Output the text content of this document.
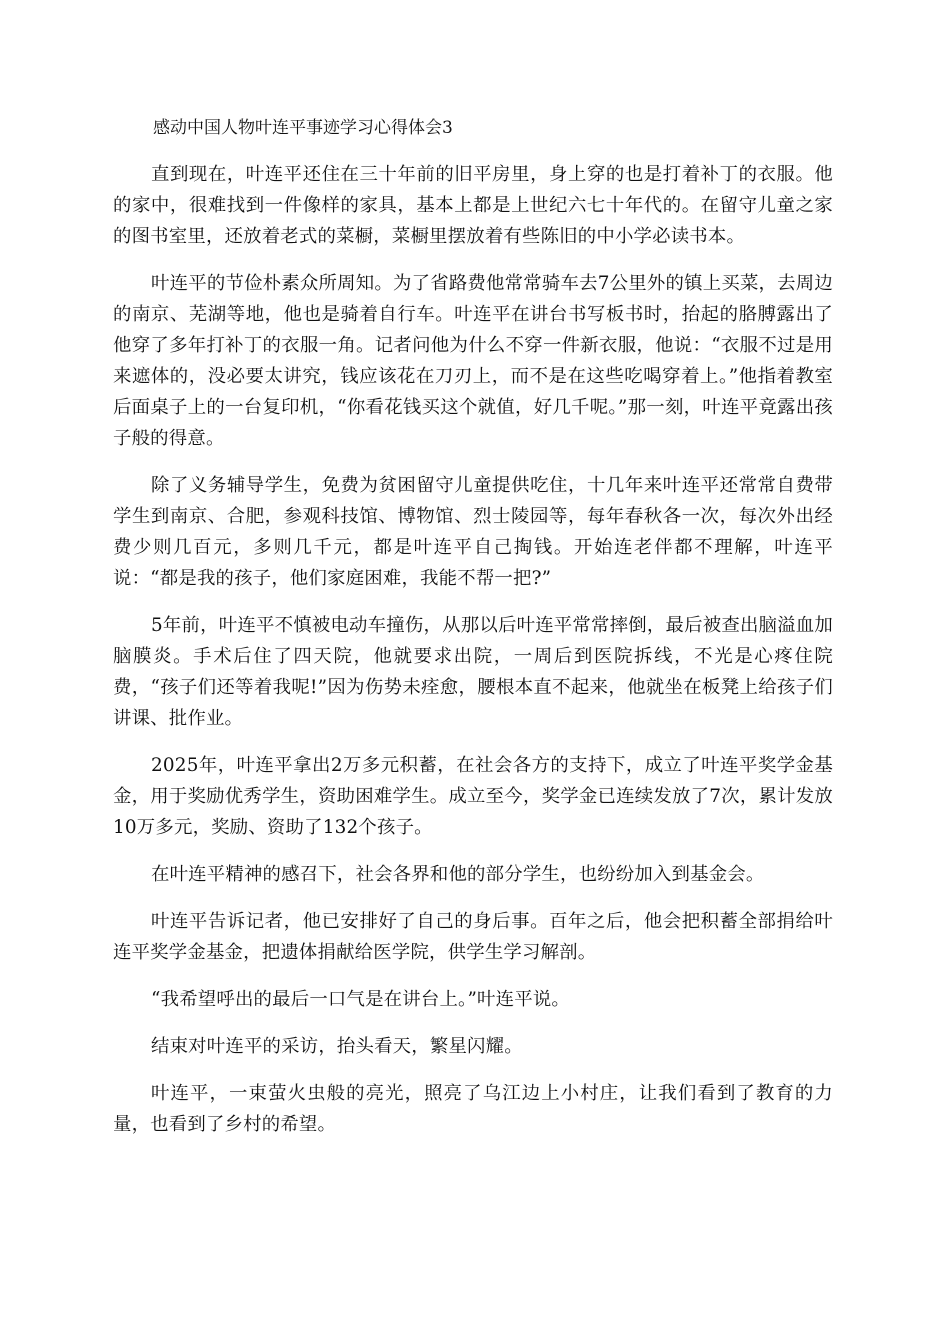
感动中国人物叶连平事迹学习心得体会3

直到现在，叶连平还住在三十年前的旧平房里，身上穿的也是打着补丁的衣服。他的家中，很难找到一件像样的家具，基本上都是上世纪六七十年代的。在留守儿童之家的图书室里，还放着老式的菜橱，菜橱里摆放着有些陈旧的中小学必读书本。

叶连平的节俭朴素众所周知。为了省路费他常常骑车去7公里外的镇上买菜，去周边的南京、芜湖等地，他也是骑着自行车。叶连平在讲台书写板书时，抬起的胳膊露出了他穿了多年打补丁的衣服一角。记者问他为什么不穿一件新衣服，他说：“衣服不过是用来遮体的，没必要太讲究，钱应该花在刀刃上，而不是在这些吃喝穿着上。”他指着教室后面桌子上的一台复印机，“你看花钱买这个就值，好几千呢。”那一刻，叶连平竟露出孩子般的得意。

除了义务辅导学生，免费为贫困留守儿童提供吃住，十几年来叶连平还常常自费带学生到南京、合肥，参观科技馆、博物馆、烈士陵园等，每年春秋各一次，每次外出经费少则几百元，多则几千元，都是叶连平自己掏钱。开始连老伴都不理解，叶连平说：“都是我的孩子，他们家庭困难，我能不帮一把?”

5年前，叶连平不慎被电动车撞伤，从那以后叶连平常常摔倒，最后被查出脑溢血加脑膜炎。手术后住了四天院，他就要求出院，一周后到医院拆线，不光是心疼住院费，“孩子们还等着我呢!”因为伤势未痊愈，腰根本直不起来，他就坐在板凳上给孩子们讲课、批作业。

2025年，叶连平拿出2万多元积蓄，在社会各方的支持下，成立了叶连平奖学金基金，用于奖励优秀学生，资助困难学生。成立至今，奖学金已连续发放了7次，累计发放10万多元，奖励、资助了132个孩子。

在叶连平精神的感召下，社会各界和他的部分学生，也纷纷加入到基金会。

叶连平告诉记者，他已安排好了自己的身后事。百年之后，他会把积蓄全部捐给叶连平奖学金基金，把遗体捐献给医学院，供学生学习解剖。

“我希望呼出的最后一口气是在讲台上。”叶连平说。

结束对叶连平的采访，抬头看天，繁星闪耀。

叶连平，一束萤火虫般的亮光，照亮了乌江边上小村庄，让我们看到了教育的力量，也看到了乡村的希望。
